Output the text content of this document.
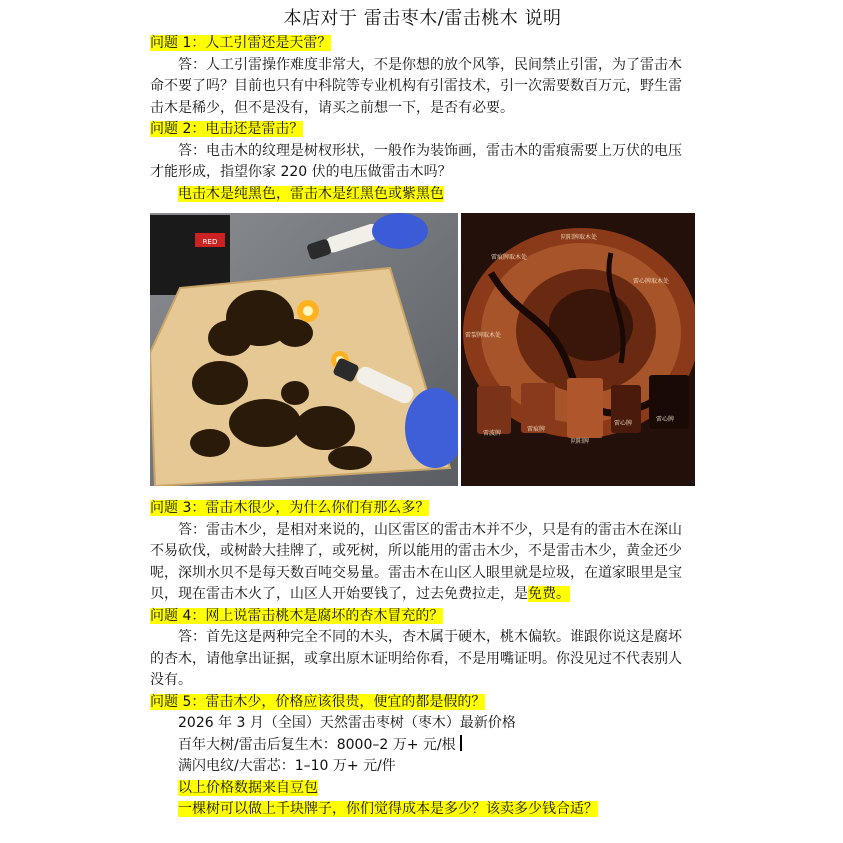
本店对于 雷击枣木/雷击桃木 说明

问题 1：人工引雷还是天雷？

答：人工引雷操作难度非常大，不是你想的放个风筝，民间禁止引雷，为了雷击木命不要了吗？目前也只有中科院等专业机构有引雷技术，引一次需要数百万元，野生雷击木是稀少，但不是没有，请买之前想一下，是否有必要。

问题 2：电击还是雷击？

答：电击木的纹理是树杈形状，一般作为装饰画，雷击木的雷痕需要上万伏的电压才能形成，指望你家 220 伏的电压做雷击木吗？

电击木是纯黑色，雷击木是红黑色或紫黑色

RED
阴阳牌取木处
雷痕牌取木处
雷心牌取木处
雷裂牌取木处
雷波牌
雷痕牌
阴阳牌
雷心牌
雷心牌

问题 3：雷击木很少，为什么你们有那么多？

答：雷击木少，是相对来说的，山区雷区的雷击木并不少，只是有的雷击木在深山不易砍伐，或树龄大挂牌了，或死树，所以能用的雷击木少，不是雷击木少，黄金还少呢，深圳水贝不是每天数百吨交易量。雷击木在山区人眼里就是垃圾，在道家眼里是宝贝，现在雷击木火了，山区人开始要钱了，过去免费拉走，是免费。

问题 4：网上说雷击桃木是腐坏的杏木冒充的？

答：首先这是两种完全不同的木头，杏木属于硬木，桃木偏软。谁跟你说这是腐坏的杏木，请他拿出证据，或拿出原木证明给你看，不是用嘴证明。你没见过不代表别人没有。

问题 5：雷击木少，价格应该很贵，便宜的都是假的？

2026 年 3 月（全国）天然雷击枣树（枣木）最新价格

百年大树/雷击后复生木：8000–2 万+ 元/根

满闪电纹/大雷芯：1–10 万+ 元/件

以上价格数据来自豆包

一棵树可以做上千块牌子，你们觉得成本是多少？该卖多少钱合适？
